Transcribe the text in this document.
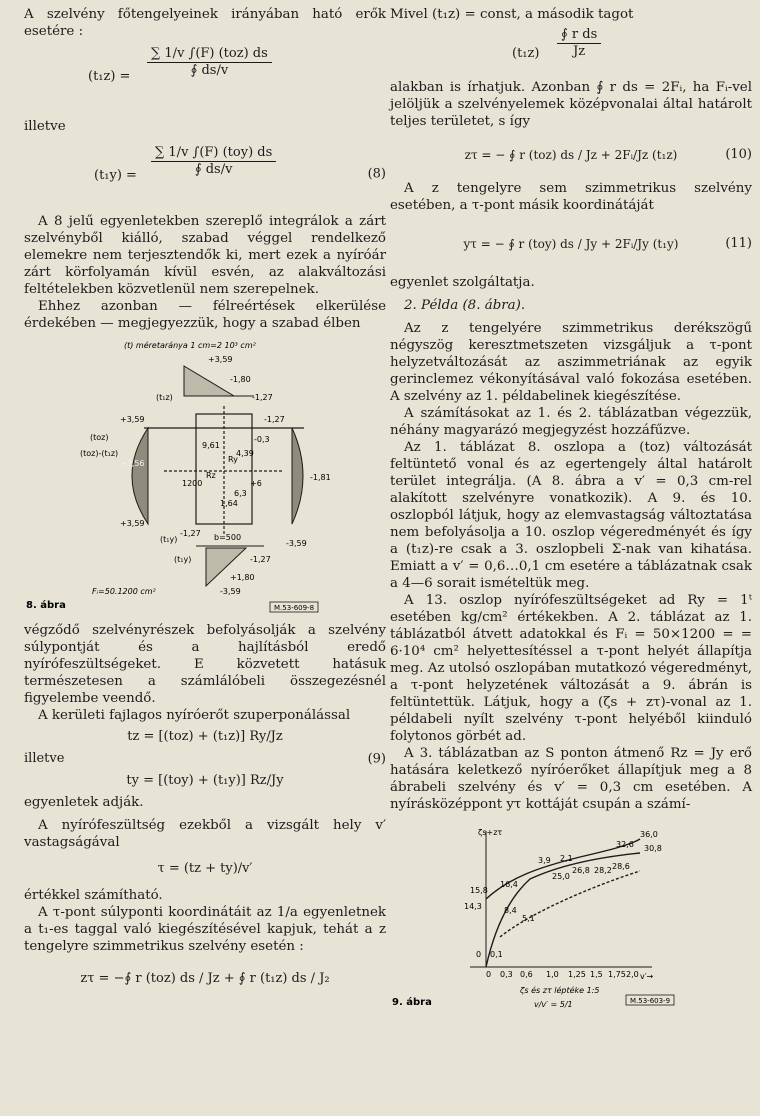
A szelvény főtengelyeinek irányában ható erők esetére :

(t₁z) =
∑ 1/v ∫(F) (toz) ds
∮ ds/v

illetve

(t₁y) =
∑ 1/v ∫(F) (toy) ds
∮ ds/v	(8)

A 8 jelű egyenletekben szereplő integrálok a zárt szelvényből kiálló, szabad véggel rendelkező elemekre nem terjesztendők ki, mert ezek a nyíróár zárt körfolyamán kívül esvén, az alakváltozási feltételekben közvetlenül nem szerepelnek.

Ehhez azonban — félreértések elkerülése érdekében — megjegyezzük, hogy a szabad élben

(t) méretaránya 1 cm=2 10³ cm²
+3,59
-1,80
-1,27
(t₁z)
+3,59	-1,27
(toz)
(toz)-(t₁z)
+3,56
-0,3
4,39
1200
9,61
Ry
Rz
+3,59
+6
6,3
1,64
-1,81
(t₁y)
-1,27 b=500
-1,27
(t₁y)
+1,80
-3,59
-3,59
Fᵢ=50.1200 cm²
8. ábra	M.53-609-8

végződő szelvényrészek befolyásolják a szelvény súlypontját és a hajlításból eredő nyírófeszültségeket. E közvetett hatásuk természetesen a számlálóbeli összegezésnél figyelembe veendő.

A kerületi fajlagos nyíróerőt szuperponálással

tz = [(toz) + (t₁z)] Ry/Jz
illetve	(9)
ty = [(toy) + (t₁y)] Rz/Jy

egyenletek adják.

A nyírófeszültség ezekből a vizsgált hely v′ vastagságával

τ = (tz + ty)/v′

értékkel számítható.

A τ-pont súlyponti koordinátáit az 1/a egyenletnek a t₁-es taggal való kiegészítésével kapjuk, tehát a z tengelyre szimmetrikus szelvény esetén :

zτ = −∮ r (toz) ds / Jz + ∮ r (t₁z) ds / J₂

Mivel (t₁z) = const, a második tagot

$(t_1z) \frac{\text{∮ r ds}}{Jz}$

alakban is írhatjuk. Azonban ∮ r ds = 2Fᵢ, ha Fᵢ-vel jelöljük a szelvényelemek középvonalai által határolt teljes területet, s így

zτ = − ∮ r (toz) ds / Jz + 2Fᵢ/Jz (t₁z)	(10)

A z tengelyre sem szimmetrikus szelvény esetében, a τ-pont másik koordinátáját

yτ = − ∮ r (toy) ds / Jy + 2Fᵢ/Jy (t₁y)	(11)

egyenlet szolgáltatja.

2. Példa (8. ábra).

Az z tengelyére szimmetrikus derékszögű négyszög keresztmetszeten vizsgáljuk a τ-pont helyzetváltozását az aszimmetriának az egyik gerinclemez vékonyításával való fokozása esetében. A szelvény az 1. példabelinek kiegészítése.

A számításokat az 1. és 2. táblázatban végezzük, néhány magyarázó megjegyzést hozzáfűzve.

Az 1. táblázat 8. oszlopa a (toz) változását feltüntető vonal és az egertengely által határolt terület integrálja. (A 8. ábra a v′ = 0,3 cm-rel alakított szelvényre vonatkozik). A 9. és 10. oszlopból látjuk, hogy az elemvastagság változtatása nem befolyásolja a 10. oszlop végeredményét és így a (t₁z)-re csak a 3. oszlopbeli Σ-nak van kihatása. Emiatt a v′ = 0,6…0,1 cm esetére a táblázatnak csak a 4—6 sorait ismételtük meg.

A 13. oszlop nyírófeszültségeket ad Ry = 1ᵗ esetében kg/cm² értékekben. A 2. táblázat az 1. táblázatból átvett adatokkal és Fᵢ = 50×1200 = = 6·10⁴ cm² helyettesítéssel a τ-pont helyét állapítja meg. Az utolsó oszlopában mutatkozó végeredményt, a τ-pont helyzetének változását a 9. ábrán is feltüntettük. Látjuk, hogy a (ζs + zτ)-vonal az 1. példabeli nyílt szelvény τ-pont helyéből kiinduló folytonos görbét ad.

A 3. táblázatban az S ponton átmenő Rz = Jy erő hatására keletkező nyíróerőket állapítjuk meg a 8 ábrabeli szelvény és v′ = 0,3 cm esetében. A nyírásközéppont yτ kottáját csupán a számí-

ζs+zτ
v′→
0 0,3 0,6 1,0 1,25 1,5 1,75 2,0
36,0
30,8
32,6
28,6
28,2
26,8
25,0
15,8
14,3	8,4
5,1
3,9 2,1
0,1
0
16,4
ζs és zτ léptéke 1:5
v/v′ = 5/1
9. ábra	M.53-603-9
